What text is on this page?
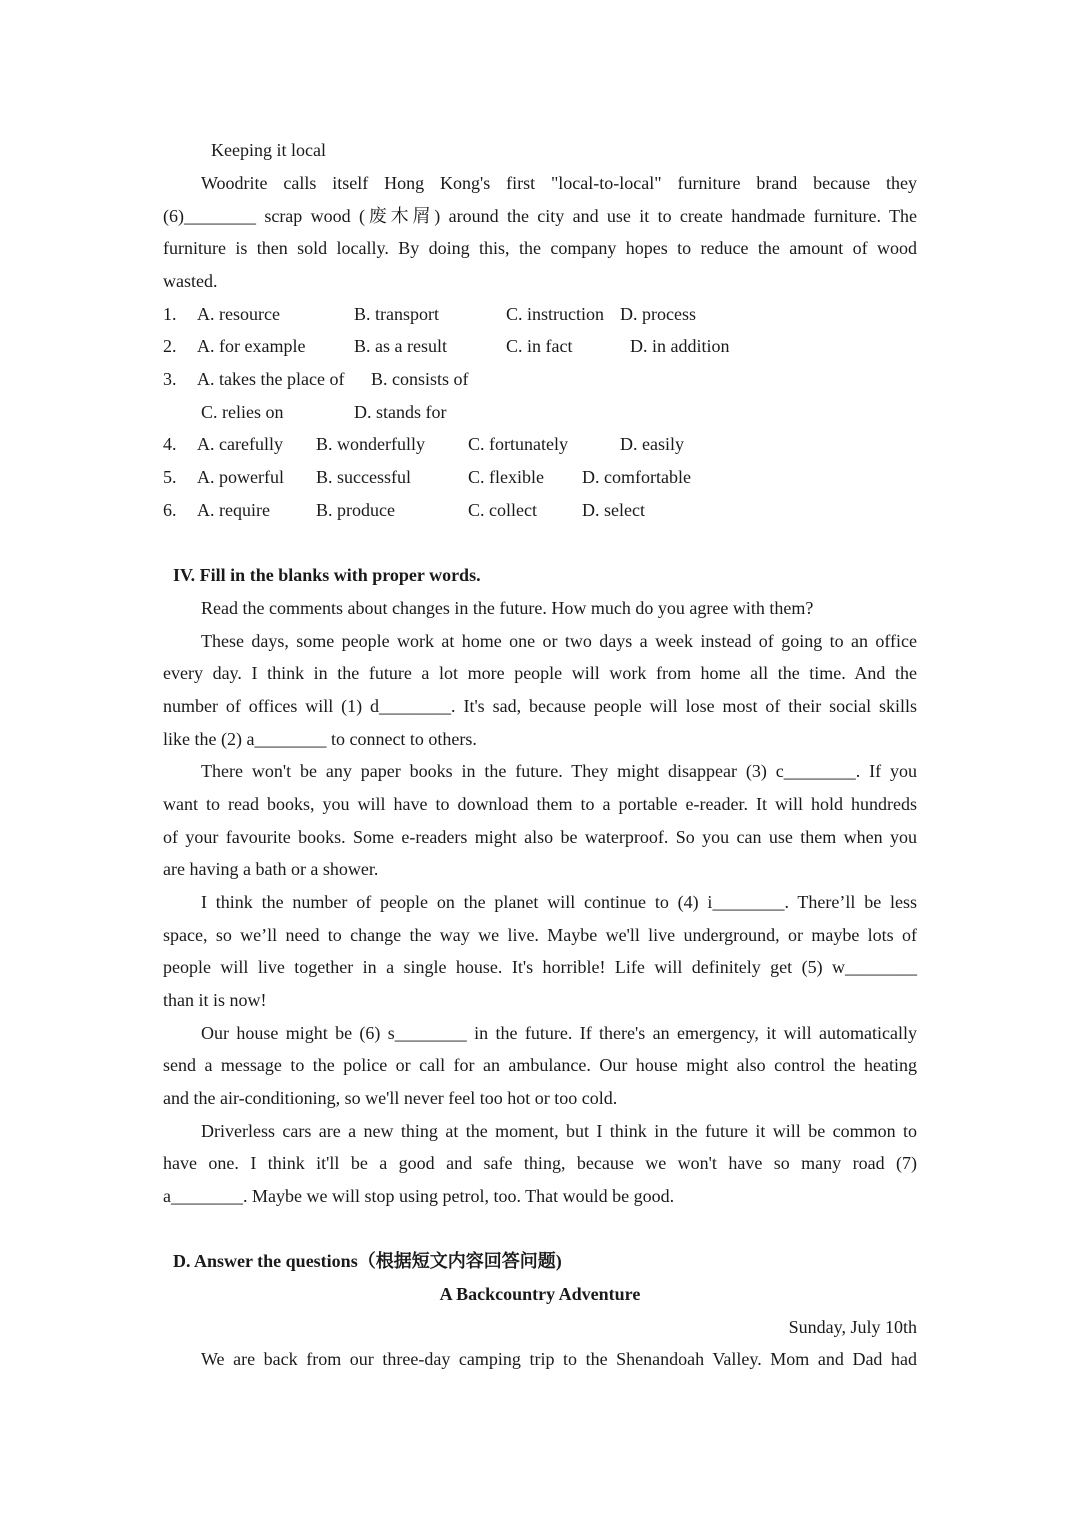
Keeping it local
Woodrite calls itself Hong Kong's first "local-to-local" furniture brand because they
(6)________ scrap wood (废木屑) around the city and use it to create handmade furniture. The
furniture is then sold locally. By doing this, the company hopes to reduce the amount of wood
wasted.
1. A. resource	B. transport	C. instruction D. process
2. A. for example	B. as a result	C. in fact	D. in addition
3. A. takes the place of B. consists of
C. relies on	D. stands for
4. A. carefully B. wonderfully C. fortunately	D. easily
5. A. powerful B. successful	C. flexible D. comfortable
6. A. require	B. produce	C. collect	D. select
IV. Fill in the blanks with proper words.
Read the comments about changes in the future. How much do you agree with them?
These days, some people work at home one or two days a week instead of going to an office
every day. I think in the future a lot more people will work from home all the time. And the
number of offices will (1) d________. It's sad, because people will lose most of their social skills
like the (2) a________ to connect to others.
There won't be any paper books in the future. They might disappear (3) c________. If you
want to read books, you will have to download them to a portable e-reader. It will hold hundreds
of your favourite books. Some e-readers might also be waterproof. So you can use them when you
are having a bath or a shower.
I think the number of people on the planet will continue to (4) i________. There’ll be less
space, so we’ll need to change the way we live. Maybe we'll live underground, or maybe lots of
people will live together in a single house. It's horrible! Life will definitely get (5) w________
than it is now!
Our house might be (6) s________ in the future. If there's an emergency, it will automatically
send a message to the police or call for an ambulance. Our house might also control the heating
and the air-conditioning, so we'll never feel too hot or too cold.
Driverless cars are a new thing at the moment, but I think in the future it will be common to
have one. I think it'll be a good and safe thing, because we won't have so many road (7)
a________. Maybe we will stop using petrol, too. That would be good.
D. Answer the questions（根据短文内容回答问题)
A Backcountry Adventure
Sunday, July 10th
We are back from our three-day camping trip to the Shenandoah Valley. Mom and Dad had
